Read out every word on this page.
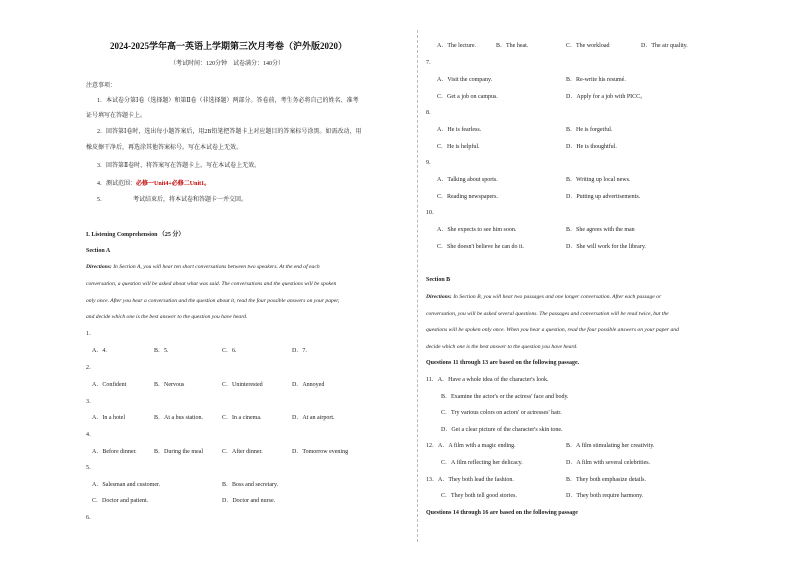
2024-2025学年高一英语上学期第三次月考卷（沪外版2020）
（考试时间：120分钟　试卷满分：140分）
注意事项：
1．本试卷分第Ⅰ卷（选择题）和第Ⅱ卷（非选择题）两部分。答卷前，考生务必将自己的姓名、准考
证号填写在答题卡上。
2．回答第Ⅰ卷时，选出每小题答案后，用2B铅笔把答题卡上对应题目的答案标号涂黑。如需改动，用
橡皮擦干净后，再选涂其他答案标号。写在本试卷上无效。
3．回答第Ⅱ卷时，将答案写在答题卡上。写在本试卷上无效。
4．测试范围：必修一Unit4+必修二Unit1。
5．　　　　　考试结束后，将本试卷和答题卡一并交回。
I. Listening Comprehension （25 分）
Section A
Directions: In Section A, you will hear ten short conversations between two speakers. At the end of each
conversation, a question will be asked about what was said. The conversations and the questions will be spoken
only once. After you hear a conversation and the question about it, read the four possible answers on your paper,
and decide which one is the best answer to the question you have heard.
1．
A．4.	B．5.	C．6.	D．7.
2．
A．Confident	B．Nervous	C．Uninterested	D．Annoyed
3．
A．In a hotel	B．At a bus station.	C．In a cinema.	D．At an airport.
4．
A．Before dinner.	B．During the meal	C．After dinner.	D．Tomorrow evening
5．
A．Salesman and customer.	B．Boss and secretary.
C．Doctor and patient.	D．Doctor and nurse.
6．
A．The lecture.	B．The heat.	C．The workload	D．The air quality.
7．
A．Visit the company.	B．Re-write his resumé.
C．Get a job on campus.	D．Apply for a job with PICC。
8．
A．He is fearless.	B．He is forgetful.
C．He is helpful.	D．He is thoughtful.
9．
A．Talking about sports.	B．Writing up local news.
C．Reading newspapers.	D．Putting up advertisements.
10．
A．She expects to see him soon.	B．She agrees with the man
C．She doesn't believe he can do it.	D．She will work for the library.
Section B
Directions: In Section B, you will hear two passages and one longer conversation. After each passage or
conversation, you will be asked several questions. The passages and conversation will be read twice, but the
questions will be spoken only once. When you hear a question, read the four possible answers on your paper and
decide which one is the best answer to the question you have heard.
Questions 11 through 13 are based on the following passage.
11．A．Have a whole idea of the character's look.
B．Examine the actor's or the actress' face and body.
C．Try various colors on actors' or actresses' hair.
D．Get a clear picture of the character's skin tone.
12．A．A film with a magic ending.	B．A film stimulating her creativity.
C．A film reflecting her delicacy.	D．A film with several celebrities.
13．A．They both lead the fashion.	B．They both emphasize details.
C．They both tell good stories.	D．They both require harmony.
Questions 14 through 16 are based on the following passage
